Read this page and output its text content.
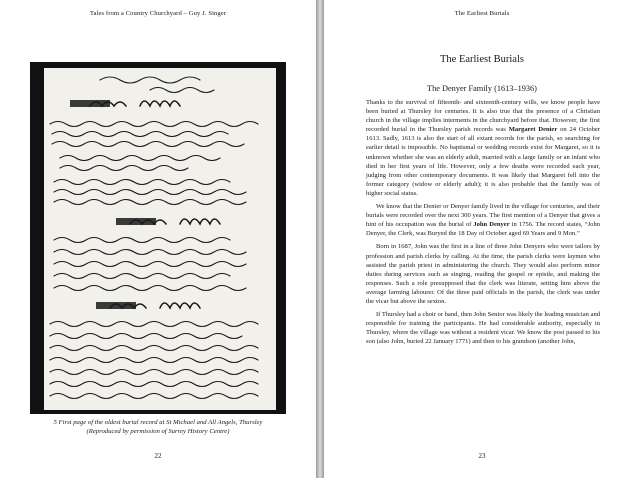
Tales from a Country Churchyard – Guy J. Singer
5 First page of the oldest burial record at St Michael and All Angels, Thursley
(Reproduced by permission of Surrey History Centre)
22
The Earliest Burials
The Earliest Burials
The Denyer Family (1613–1936)

Thanks to the survival of fifteenth- and sixteenth-century wills, we know people have been buried at Thursley for centuries. It is also true that the presence of a Christian church in the village implies interments in the churchyard before that. However, the first recorded burial in the Thursley parish records was Margaret Denier on 24 October 1613. Sadly, 1613 is also the start of all extant records for the parish, so searching for earlier detail is impossible. No baptismal or wedding records exist for Margaret, so it is unknown whether she was an elderly adult, married with a large family or an infant who died in her first years of life. However, only a few deaths were recorded each year, judging from other contemporary documents. It was likely that Margaret fell into the former category (widow or elderly adult); it is also probable that the family was of higher social status.

We know that the Denier or Denyer family lived in the village for centuries, and their burials were recorded over the next 300 years. The first mention of a Denyer that gives a hint of his occupation was the burial of John Denyer in 1756. The record states, “John Denyer, the Clerk, was Buryed the 18 Day of October aged 69 Years and 9 Mon.”

Born in 1687, John was the first in a line of three John Denyers who were tailors by profession and parish clerks by calling. At the time, the parish clerks were laymen who assisted the parish priest in administering the church. They would also perform minor duties during services such as singing, reading the gospel or epistle, and making the responses. Such a role presupposed that the clerk was literate, setting him above the average farming labourer. Of the three paid officials in the parish, the clerk was under the vicar but above the sexton.

If Thursley had a choir or band, then John Senior was likely the leading musician and responsible for training the participants. He had considerable authority, especially in Thursley, where the village was without a resident vicar. We know the post passed to his son (also John, buried 22 January 1771) and then to his grandson (another John,

23
